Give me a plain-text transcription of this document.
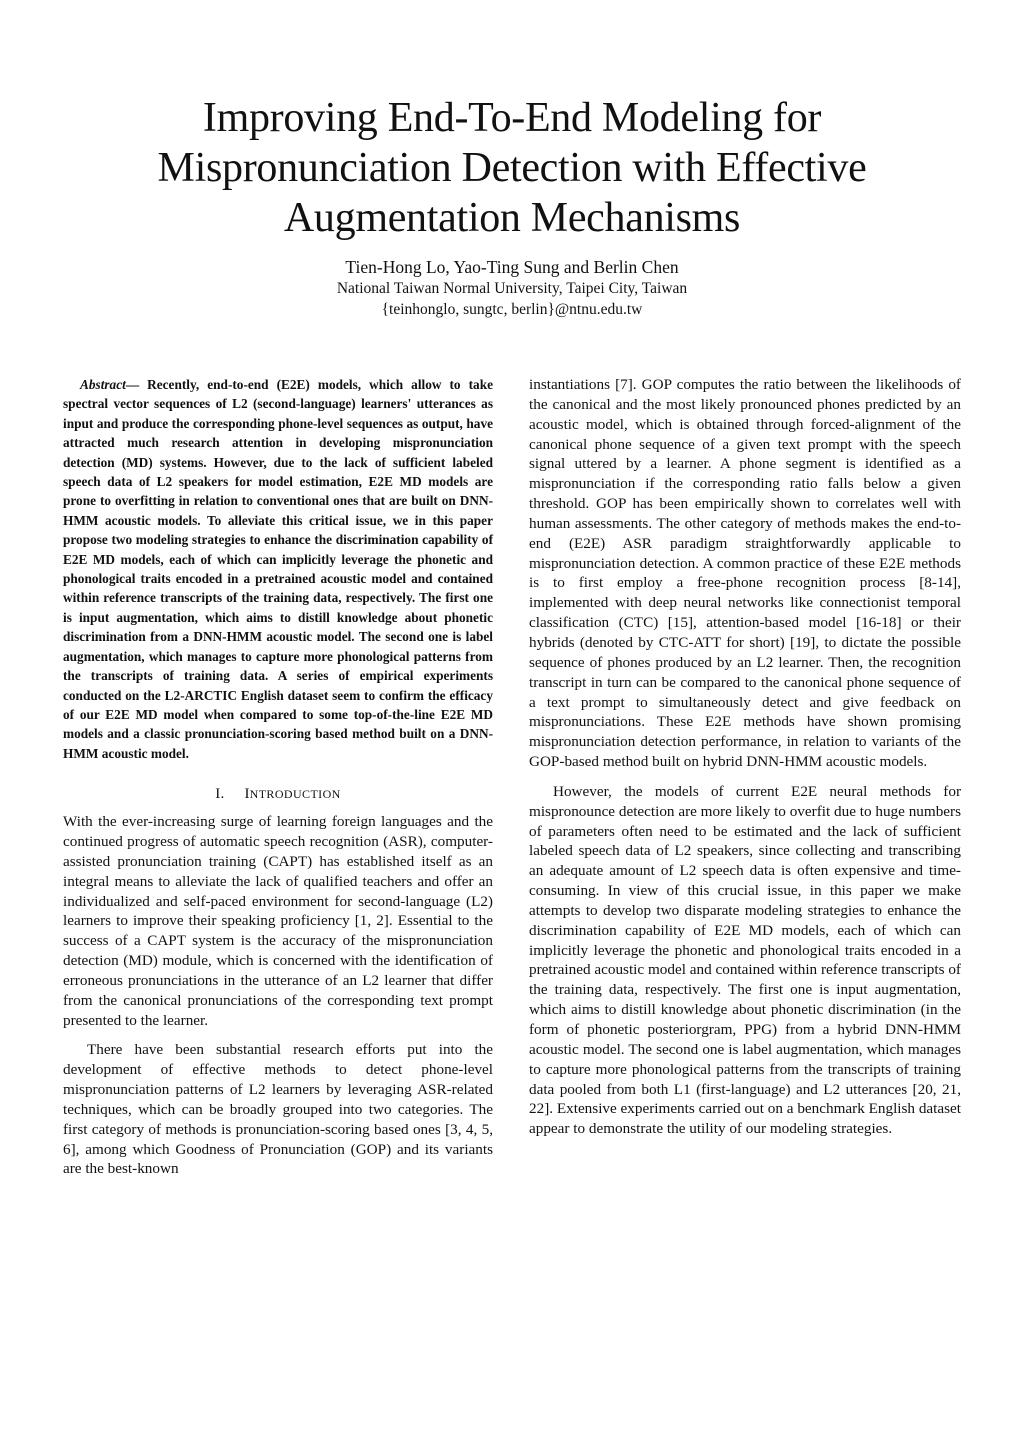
Improving End-To-End Modeling for
Mispronunciation Detection with Effective
Augmentation Mechanisms
Tien-Hong Lo, Yao-Ting Sung and Berlin Chen
National Taiwan Normal University, Taipei City, Taiwan
{teinhonglo, sungtc, berlin}@ntnu.edu.tw

Abstract— Recently, end-to-end (E2E) models, which allow to take spectral vector sequences of L2 (second-language) learners' utterances as input and produce the corresponding phone-level sequences as output, have attracted much research attention in developing mispronunciation detection (MD) systems. However, due to the lack of sufficient labeled speech data of L2 speakers for model estimation, E2E MD models are prone to overfitting in relation to conventional ones that are built on DNN-HMM acoustic models. To alleviate this critical issue, we in this paper propose two modeling strategies to enhance the discrimination capability of E2E MD models, each of which can implicitly leverage the phonetic and phonological traits encoded in a pretrained acoustic model and contained within reference transcripts of the training data, respectively. The first one is input augmentation, which aims to distill knowledge about phonetic discrimination from a DNN-HMM acoustic model. The second one is label augmentation, which manages to capture more phonological patterns from the transcripts of training data. A series of empirical experiments conducted on the L2-ARCTIC English dataset seem to confirm the efficacy of our E2E MD model when compared to some top-of-the-line E2E MD models and a classic pronunciation-scoring based method built on a DNN-HMM acoustic model.

I. INTRODUCTION

With the ever-increasing surge of learning foreign languages and the continued progress of automatic speech recognition (ASR), computer-assisted pronunciation training (CAPT) has established itself as an integral means to alleviate the lack of qualified teachers and offer an individualized and self-paced environment for second-language (L2) learners to improve their speaking proficiency [1, 2]. Essential to the success of a CAPT system is the accuracy of the mispronunciation detection (MD) module, which is concerned with the identification of erroneous pronunciations in the utterance of an L2 learner that differ from the canonical pronunciations of the corresponding text prompt presented to the learner.

There have been substantial research efforts put into the development of effective methods to detect phone-level mispronunciation patterns of L2 learners by leveraging ASR-related techniques, which can be broadly grouped into two categories. The first category of methods is pronunciation-scoring based ones [3, 4, 5, 6], among which Goodness of Pronunciation (GOP) and its variants are the best-known

instantiations [7]. GOP computes the ratio between the likelihoods of the canonical and the most likely pronounced phones predicted by an acoustic model, which is obtained through forced-alignment of the canonical phone sequence of a given text prompt with the speech signal uttered by a learner. A phone segment is identified as a mispronunciation if the corresponding ratio falls below a given threshold. GOP has been empirically shown to correlates well with human assessments. The other category of methods makes the end-to-end (E2E) ASR paradigm straightforwardly applicable to mispronunciation detection. A common practice of these E2E methods is to first employ a free-phone recognition process [8-14], implemented with deep neural networks like connectionist temporal classification (CTC) [15], attention-based model [16-18] or their hybrids (denoted by CTC-ATT for short) [19], to dictate the possible sequence of phones produced by an L2 learner. Then, the recognition transcript in turn can be compared to the canonical phone sequence of a text prompt to simultaneously detect and give feedback on mispronunciations. These E2E methods have shown promising mispronunciation detection performance, in relation to variants of the GOP-based method built on hybrid DNN-HMM acoustic models.

However, the models of current E2E neural methods for mispronounce detection are more likely to overfit due to huge numbers of parameters often need to be estimated and the lack of sufficient labeled speech data of L2 speakers, since collecting and transcribing an adequate amount of L2 speech data is often expensive and time-consuming. In view of this crucial issue, in this paper we make attempts to develop two disparate modeling strategies to enhance the discrimination capability of E2E MD models, each of which can implicitly leverage the phonetic and phonological traits encoded in a pretrained acoustic model and contained within reference transcripts of the training data, respectively. The first one is input augmentation, which aims to distill knowledge about phonetic discrimination (in the form of phonetic posteriorgram, PPG) from a hybrid DNN-HMM acoustic model. The second one is label augmentation, which manages to capture more phonological patterns from the transcripts of training data pooled from both L1 (first-language) and L2 utterances [20, 21, 22]. Extensive experiments carried out on a benchmark English dataset appear to demonstrate the utility of our modeling strategies.
